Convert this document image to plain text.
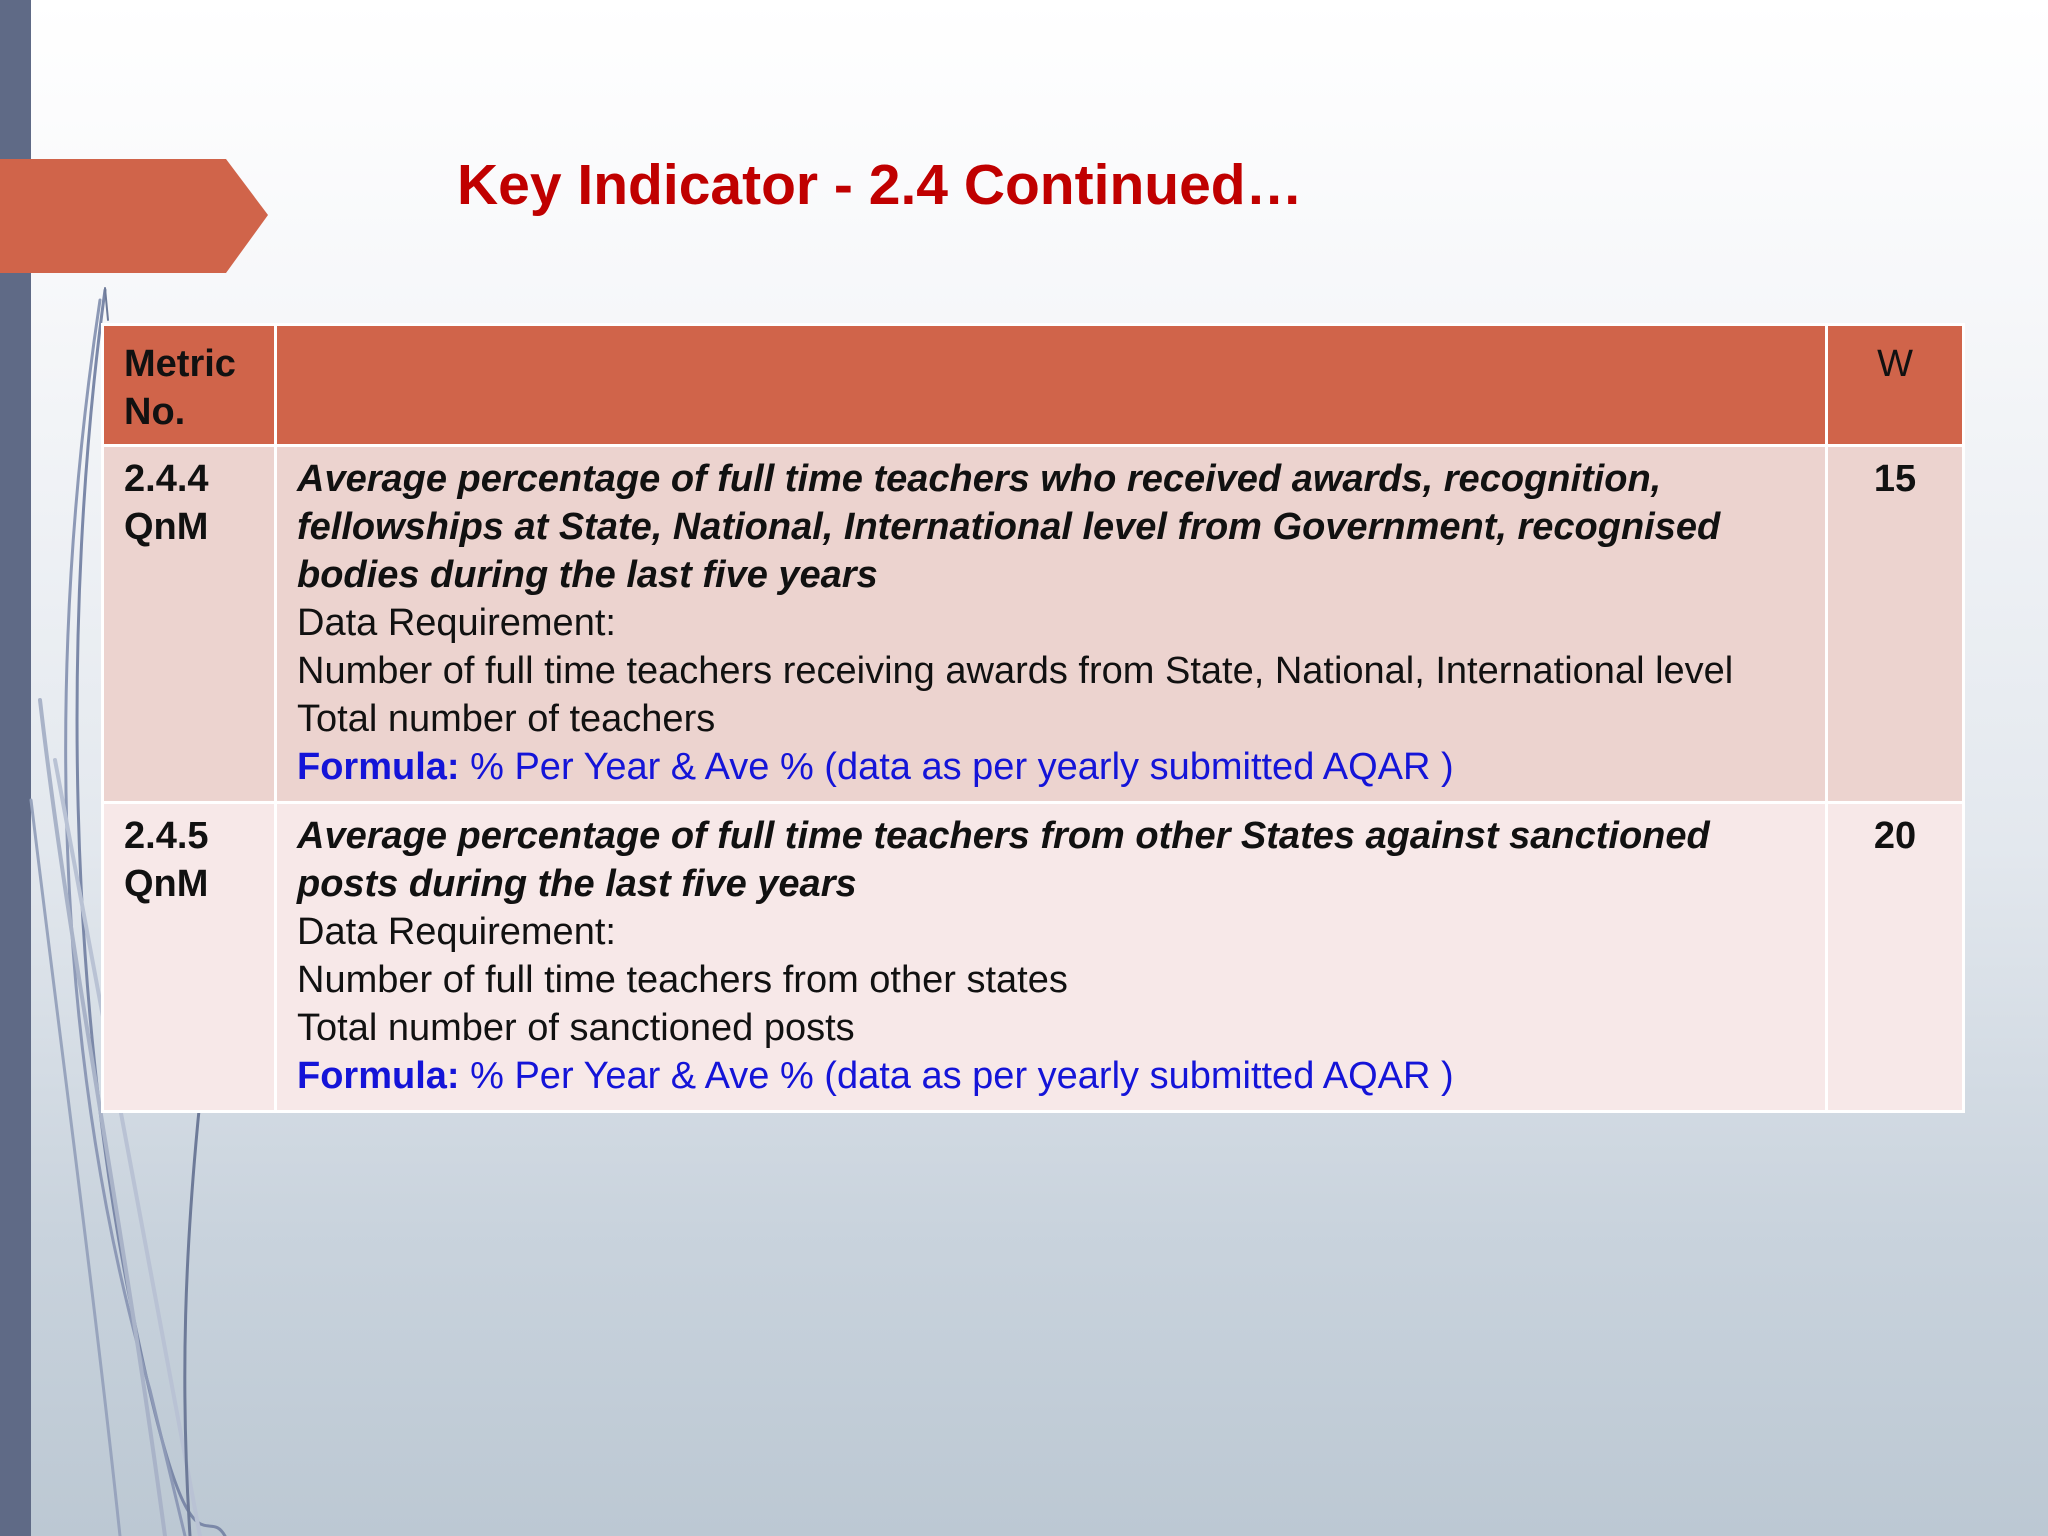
Key Indicator - 2.4 Continued…
Metric
No.		W
2.4.4 QnM	Average percentage of full time teachers who received awards, recognition, fellowships at State, National, International level from Government, recognised bodies during the last five years
Data Requirement:
Number of full time teachers receiving awards from State, National, International level
Total number of teachers
Formula: % Per Year & Ave % (data as per yearly submitted AQAR )	15
2.4.5 QnM	Average percentage of full time teachers from other States against sanctioned posts during the last five years
Data Requirement:
Number of full time teachers from other states
Total number of sanctioned posts
Formula: % Per Year & Ave % (data as per yearly submitted AQAR )	20
